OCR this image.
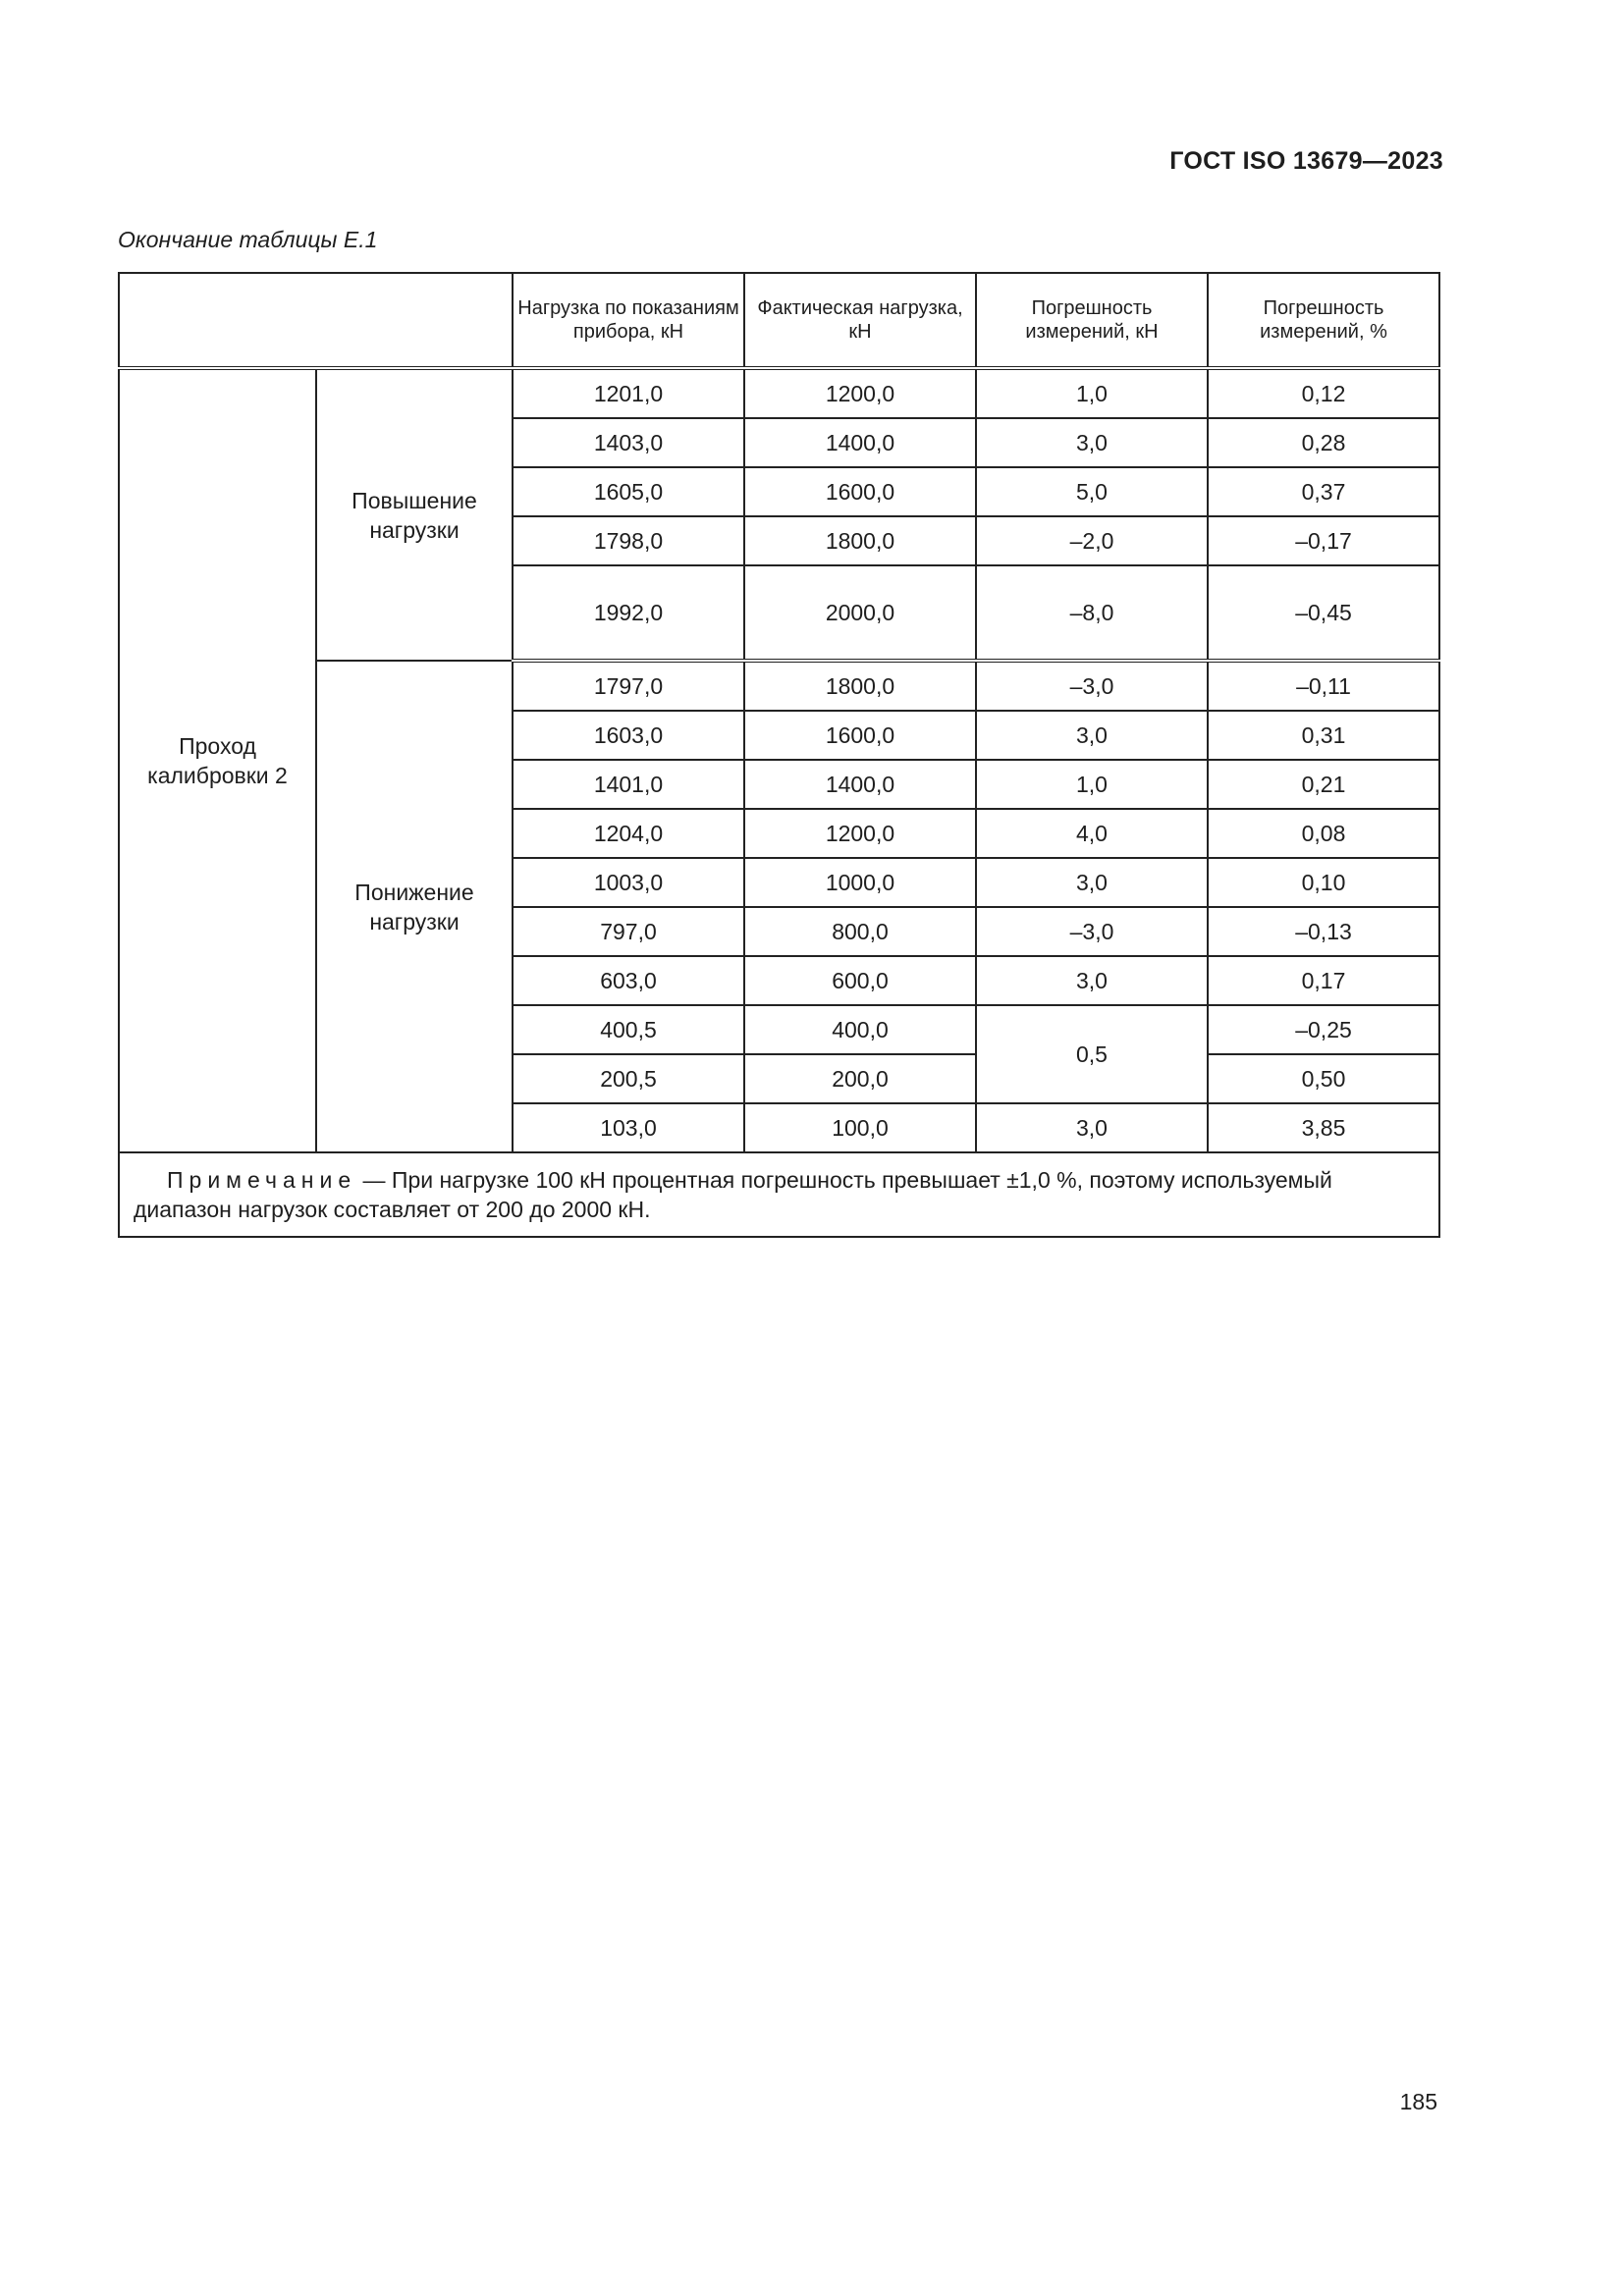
ГОСТ ISO 13679—2023
Окончание таблицы Е.1
		Нагрузка по показаниям прибора, кН	Фактическая нагрузка, кН	Погрешность измерений, кН	Погрешность измерений, %
Проход калибровки 2	Повышение нагрузки	1201,0	1200,0	1,0	0,12
		1403,0	1400,0	3,0	0,28
		1605,0	1600,0	5,0	0,37
		1798,0	1800,0	–2,0	–0,17
		1992,0	2000,0	–8,0	–0,45
	Понижение нагрузки	1797,0	1800,0	–3,0	–0,11
		1603,0	1600,0	3,0	0,31
		1401,0	1400,0	1,0	0,21
		1204,0	1200,0	4,0	0,08
		1003,0	1000,0	3,0	0,10
		797,0	800,0	–3,0	–0,13
		603,0	600,0	3,0	0,17
		400,5	400,0	0,5	–0,25
		200,5	200,0		0,50
		103,0	100,0	3,0	3,85
Примечание — При нагрузке 100 кН процентная погрешность превышает ±1,0 %, поэтому используемый диапазон нагрузок составляет от 200 до 2000 кН.					
185
